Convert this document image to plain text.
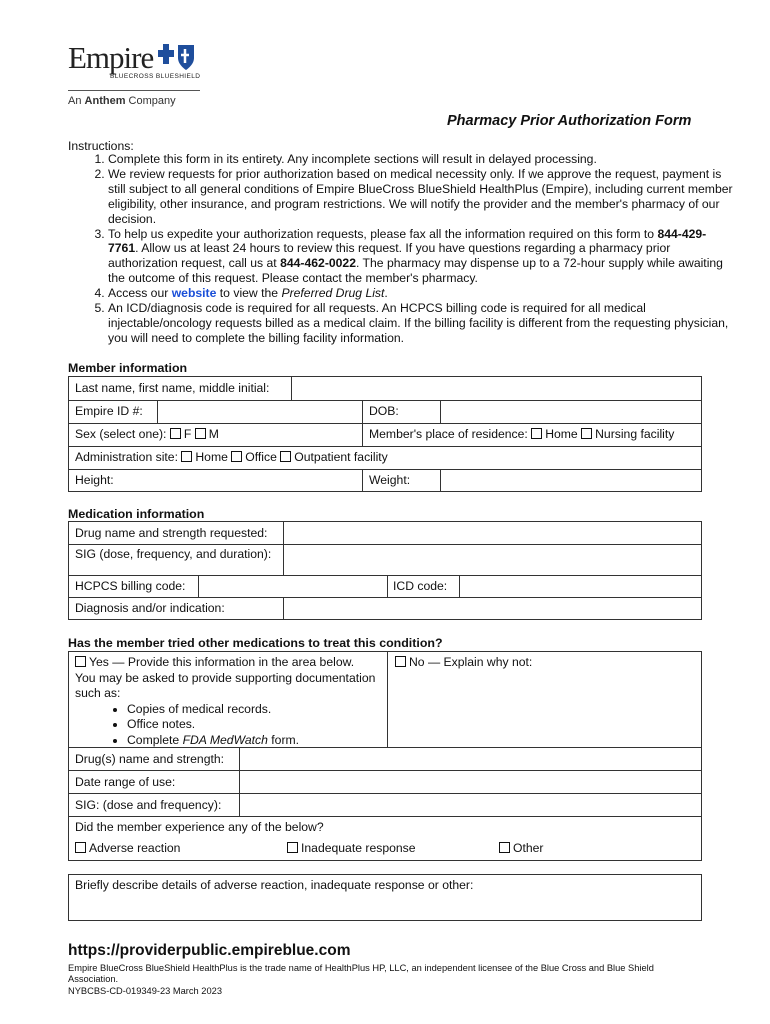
Empire
BLUECROSS BLUESHIELD
An Anthem Company
Pharmacy Prior Authorization Form
Instructions:
1. Complete this form in its entirety. Any incomplete sections will result in delayed processing.
2. We review requests for prior authorization based on medical necessity only. If we approve the request, payment is still subject to all general conditions of Empire BlueCross BlueShield HealthPlus (Empire), including current member eligibility, other insurance, and program restrictions. We will notify the provider and the member's pharmacy of our decision.
3. To help us expedite your authorization requests, please fax all the information required on this form to 844-429-7761. Allow us at least 24 hours to review this request. If you have questions regarding a pharmacy prior authorization request, call us at 844-462-0022. The pharmacy may dispense up to a 72-hour supply while awaiting the outcome of this request. Please contact the member's pharmacy.
4. Access our website to view the Preferred Drug List.
5. An ICD/diagnosis code is required for all requests. An HCPCS billing code is required for all medical injectable/oncology requests billed as a medical claim. If the billing facility is different from the requesting physician, you will need to complete the billing facility information.
Member information
Last name, first name, middle initial:
Empire ID #:	DOB:
Sex (select one): F M	Member's place of residence: Home Nursing facility
Administration site: Home Office Outpatient facility
Height:	Weight:
Medication information
Drug name and strength requested:
SIG (dose, frequency, and duration):
HCPCS billing code:	ICD code:
Diagnosis and/or indication:
Has the member tried other medications to treat this condition?
Yes — Provide this information in the area below.
You may be asked to provide supporting documentation such as:
• Copies of medical records.
• Office notes.
• Complete FDA MedWatch form.
No — Explain why not:
Drug(s) name and strength:
Date range of use:
SIG: (dose and frequency):
Did the member experience any of the below?
Adverse reaction	Inadequate response	Other
Briefly describe details of adverse reaction, inadequate response or other:
https://providerpublic.empireblue.com
Empire BlueCross BlueShield HealthPlus is the trade name of HealthPlus HP, LLC, an independent licensee of the Blue Cross and Blue Shield Association.
NYBCBS-CD-019349-23 March 2023
